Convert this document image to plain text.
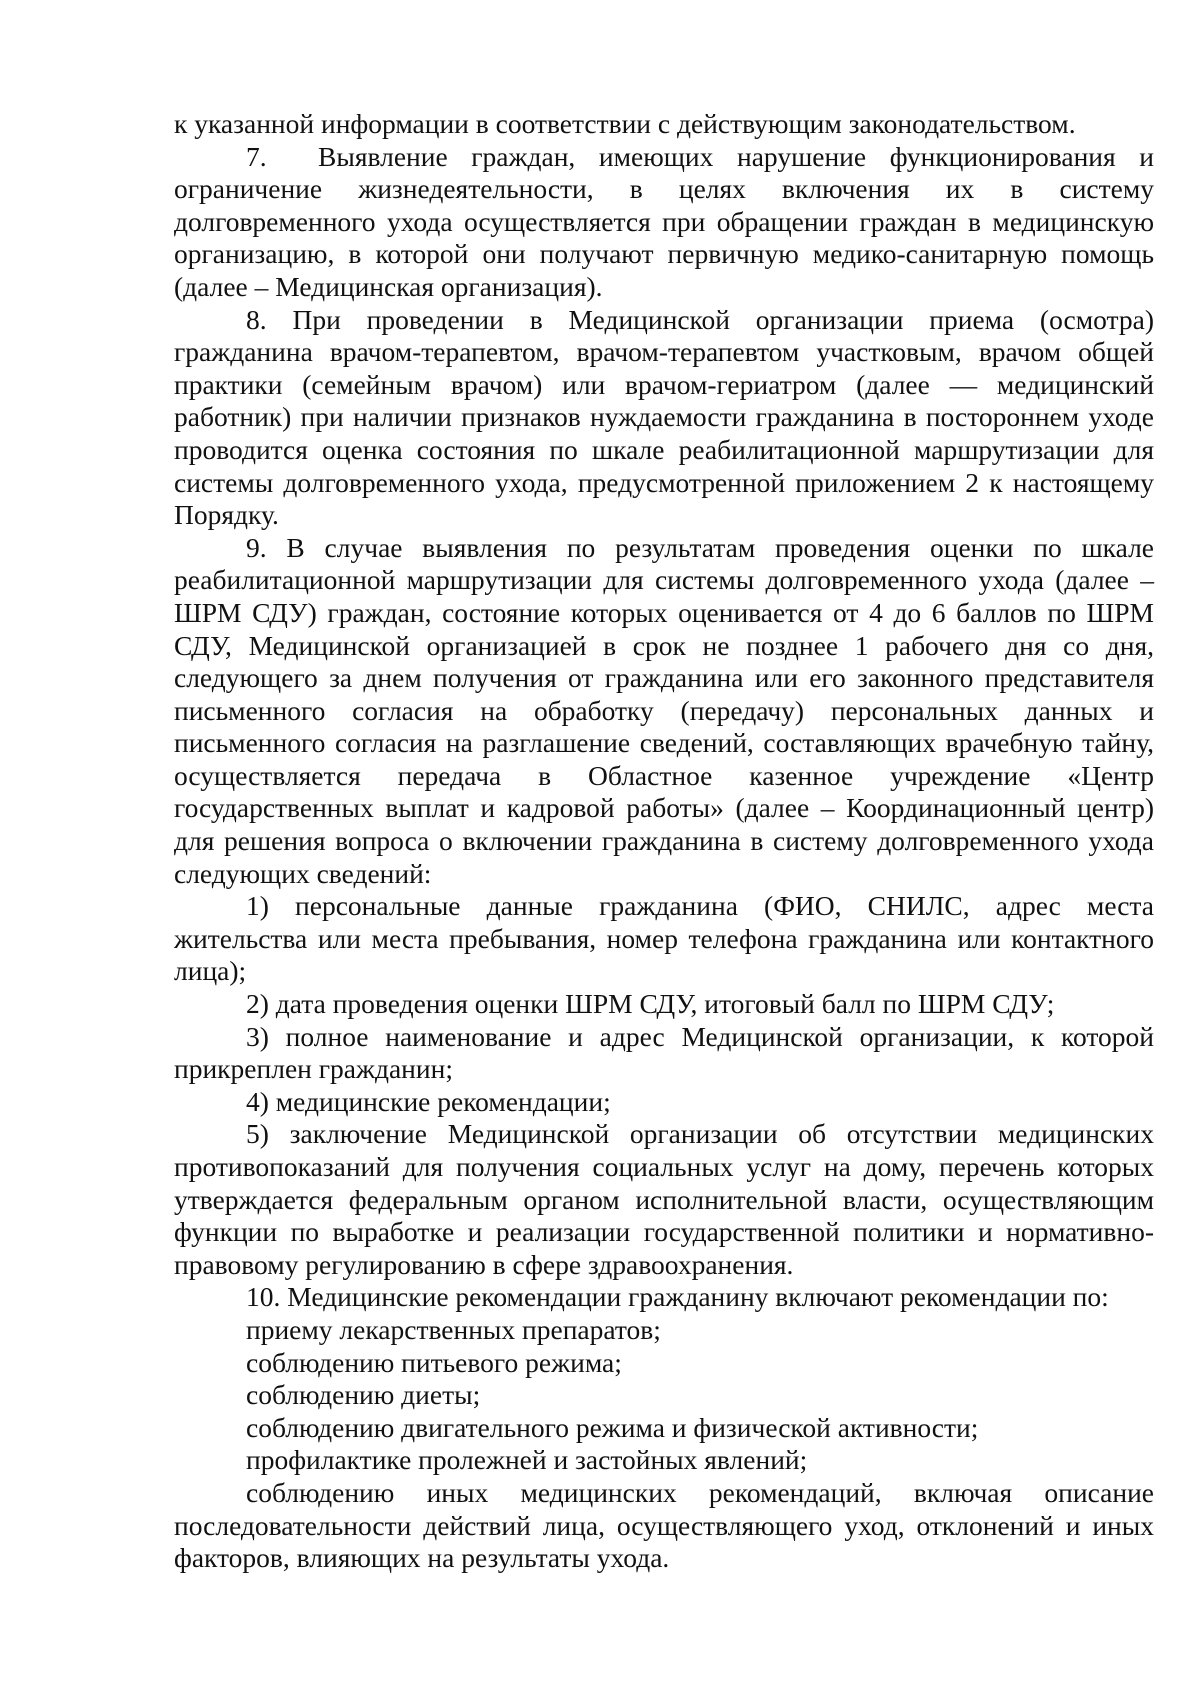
к указанной информации в соответствии с действующим законодательством.

7. Выявление граждан, имеющих нарушение функционирования и ограничение жизнедеятельности, в целях включения их в систему долговременного ухода осуществляется при обращении граждан в медицинскую организацию, в которой они получают первичную медико-санитарную помощь (далее – Медицинская организация).

8. При проведении в Медицинской организации приема (осмотра) гражданина врачом-терапевтом, врачом-терапевтом участковым, врачом общей практики (семейным врачом) или врачом-гериатром (далее — медицинский работник) при наличии признаков нуждаемости гражданина в постороннем уходе проводится оценка состояния по шкале реабилитационной маршрутизации для системы долговременного ухода, предусмотренной приложением 2 к настоящему Порядку.

9. В случае выявления по результатам проведения оценки по шкале реабилитационной маршрутизации для системы долговременного ухода (далее – ШРМ СДУ) граждан, состояние которых оценивается от 4 до 6 баллов по ШРМ СДУ, Медицинской организацией в срок не позднее 1 рабочего дня со дня, следующего за днем получения от гражданина или его законного представителя письменного согласия на обработку (передачу) персональных данных и письменного согласия на разглашение сведений, составляющих врачебную тайну, осуществляется передача в Областное казенное учреждение «Центр государственных выплат и кадровой работы» (далее – Координационный центр) для решения вопроса о включении гражданина в систему долговременного ухода следующих сведений:

1) персональные данные гражданина (ФИО, СНИЛС, адрес места жительства или места пребывания, номер телефона гражданина или контактного лица);

2) дата проведения оценки ШРМ СДУ, итоговый балл по ШРМ СДУ;

3) полное наименование и адрес Медицинской организации, к которой прикреплен гражданин;

4) медицинские рекомендации;

5) заключение Медицинской организации об отсутствии медицинских противопоказаний для получения социальных услуг на дому, перечень которых утверждается федеральным органом исполнительной власти, осуществляющим функции по выработке и реализации государственной политики и нормативно-правовому регулированию в сфере здравоохранения.

10. Медицинские рекомендации гражданину включают рекомендации по:

приему лекарственных препаратов;

соблюдению питьевого режима;

соблюдению диеты;

соблюдению двигательного режима и физической активности;

профилактике пролежней и застойных явлений;

соблюдению иных медицинских рекомендаций, включая описание последовательности действий лица, осуществляющего уход, отклонений и иных факторов, влияющих на результаты ухода.
